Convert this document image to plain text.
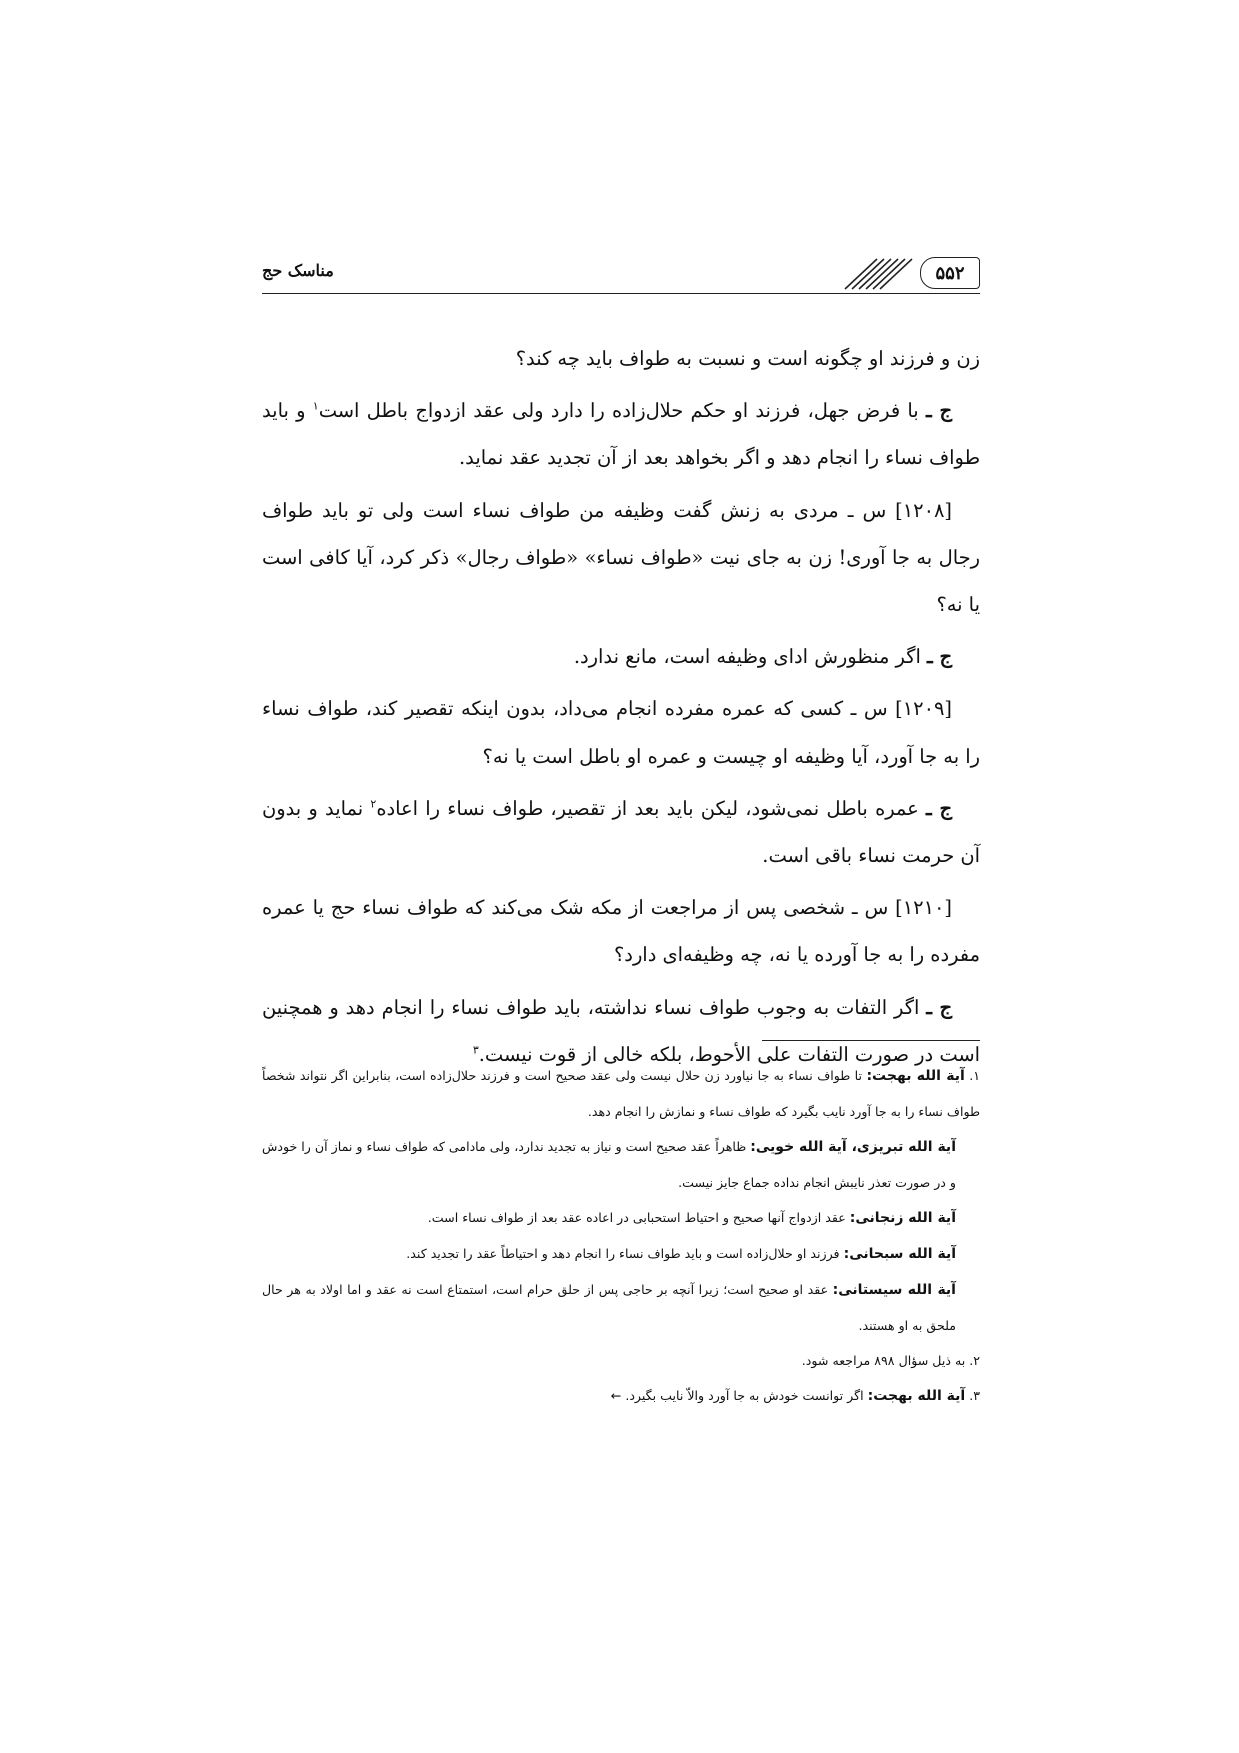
۵۵۲
مناسک حج

زن و فرزند او چگونه است و نسبت به طواف باید چه کند؟

ج ـ با فرض جهل، فرزند او حکم حلال‌زاده را دارد ولی عقد ازدواج باطل است$^۱$ و باید طواف نساء را انجام دهد و اگر بخواهد بعد از آن تجدید عقد نماید.

[۱۲۰۸] س ـ مردی به زنش گفت وظیفه من طواف نساء است ولی تو باید طواف رجال به جا آوری! زن به جای نیت «طواف نساء» «طواف رجال» ذکر کرد، آیا کافی است یا نه؟

ج ـ اگر منظورش ادای وظیفه است، مانع ندارد.

[۱۲۰۹] س ـ کسی که عمره مفرده انجام می‌داد، بدون اینکه تقصیر کند، طواف نساء را به جا آورد، آیا وظیفه او چیست و عمره او باطل است یا نه؟

ج ـ عمره باطل نمی‌شود، لیکن باید بعد از تقصیر، طواف نساء را اعاده$^۲$ نماید و بدون آن حرمت نساء باقی است.

[۱۲۱۰] س ـ شخصی پس از مراجعت از مکه شک می‌کند که طواف نساء حج یا عمره مفرده را به جا آورده یا نه، چه وظیفه‌ای دارد؟

ج ـ اگر التفات به وجوب طواف نساء نداشته، باید طواف نساء را انجام دهد و همچنین است در صورت التفات علی الأحوط، بلکه خالی از قوت نیست.$^۳$

۱. آیة الله بهجت: تا طواف نساء به جا نیاورد زن حلال نیست ولی عقد صحیح است و فرزند حلال‌زاده است، بنابراین اگر نتواند شخصاً طواف نساء را به جا آورد نایب بگیرد که طواف نساء و نمازش را انجام دهد.

آیة الله تبریزی، آیة الله خویی: ظاهراً عقد صحیح است و نیاز به تجدید ندارد، ولی مادامی که طواف نساء و نماز آن را خودش و در صورت تعذر نایبش انجام نداده جماع جایز نیست.

آیة الله زنجانی: عقد ازدواج آنها صحیح و احتیاط استحبابی در اعاده عقد بعد از طواف نساء است.

آیة الله سبحانی: فرزند او حلال‌زاده است و باید طواف نساء را انجام دهد و احتیاطاً عقد را تجدید کند.

آیة الله سیستانی: عقد او صحیح است؛ زیرا آنچه بر حاجی پس از حلق حرام است، استمتاع است نه عقد و اما اولاد به هر حال ملحق به او هستند.

۲. به ذیل سؤال ۸۹۸ مراجعه شود.

۳. آیة الله بهجت: اگر توانست خودش به جا آورد والاّ نایب بگیرد. ←
